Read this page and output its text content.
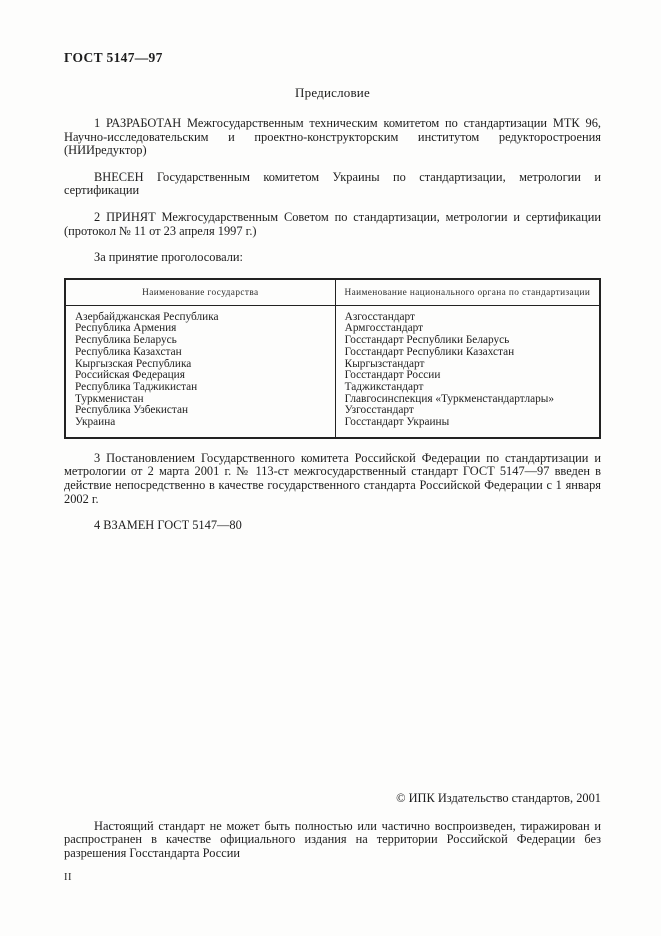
ГОСТ 5147—97
Предисловие

1 РАЗРАБОТАН Межгосударственным техническим комитетом по стандартизации МТК 96, Научно-исследовательским и проектно-конструкторским институтом редукторостроения (НИИредуктор)

ВНЕСЕН Государственным комитетом Украины по стандартизации, метрологии и сертификации

2 ПРИНЯТ Межгосударственным Советом по стандартизации, метрологии и сертификации (протокол № 11 от 23 апреля 1997 г.)

За принятие проголосовали:

Наименование государства	Наименование национального органа по стандартизации
Азербайджанская Республика	Азгосстандарт
Республика Армения	Армгосстандарт
Республика Беларусь	Госстандарт Республики Беларусь
Республика Казахстан	Госстандарт Республики Казахстан
Кыргызская Республика	Кыргызстандарт
Российская Федерация	Госстандарт России
Республика Таджикистан	Таджикстандарт
Туркменистан	Главгосинспекция «Туркменстандартлары»
Республика Узбекистан	Узгосстандарт
Украина	Госстандарт Украины

3 Постановлением Государственного комитета Российской Федерации по стандартизации и метрологии от 2 марта 2001 г. № 113-ст межгосударственный стандарт ГОСТ 5147—97 введен в действие непосредственно в качестве государственного стандарта Российской Федерации с 1 января 2002 г.

4 ВЗАМЕН ГОСТ 5147—80

© ИПК Издательство стандартов, 2001

Настоящий стандарт не может быть полностью или частично воспроизведен, тиражирован и распространен в качестве официального издания на территории Российской Федерации без разрешения Госстандарта России

II
